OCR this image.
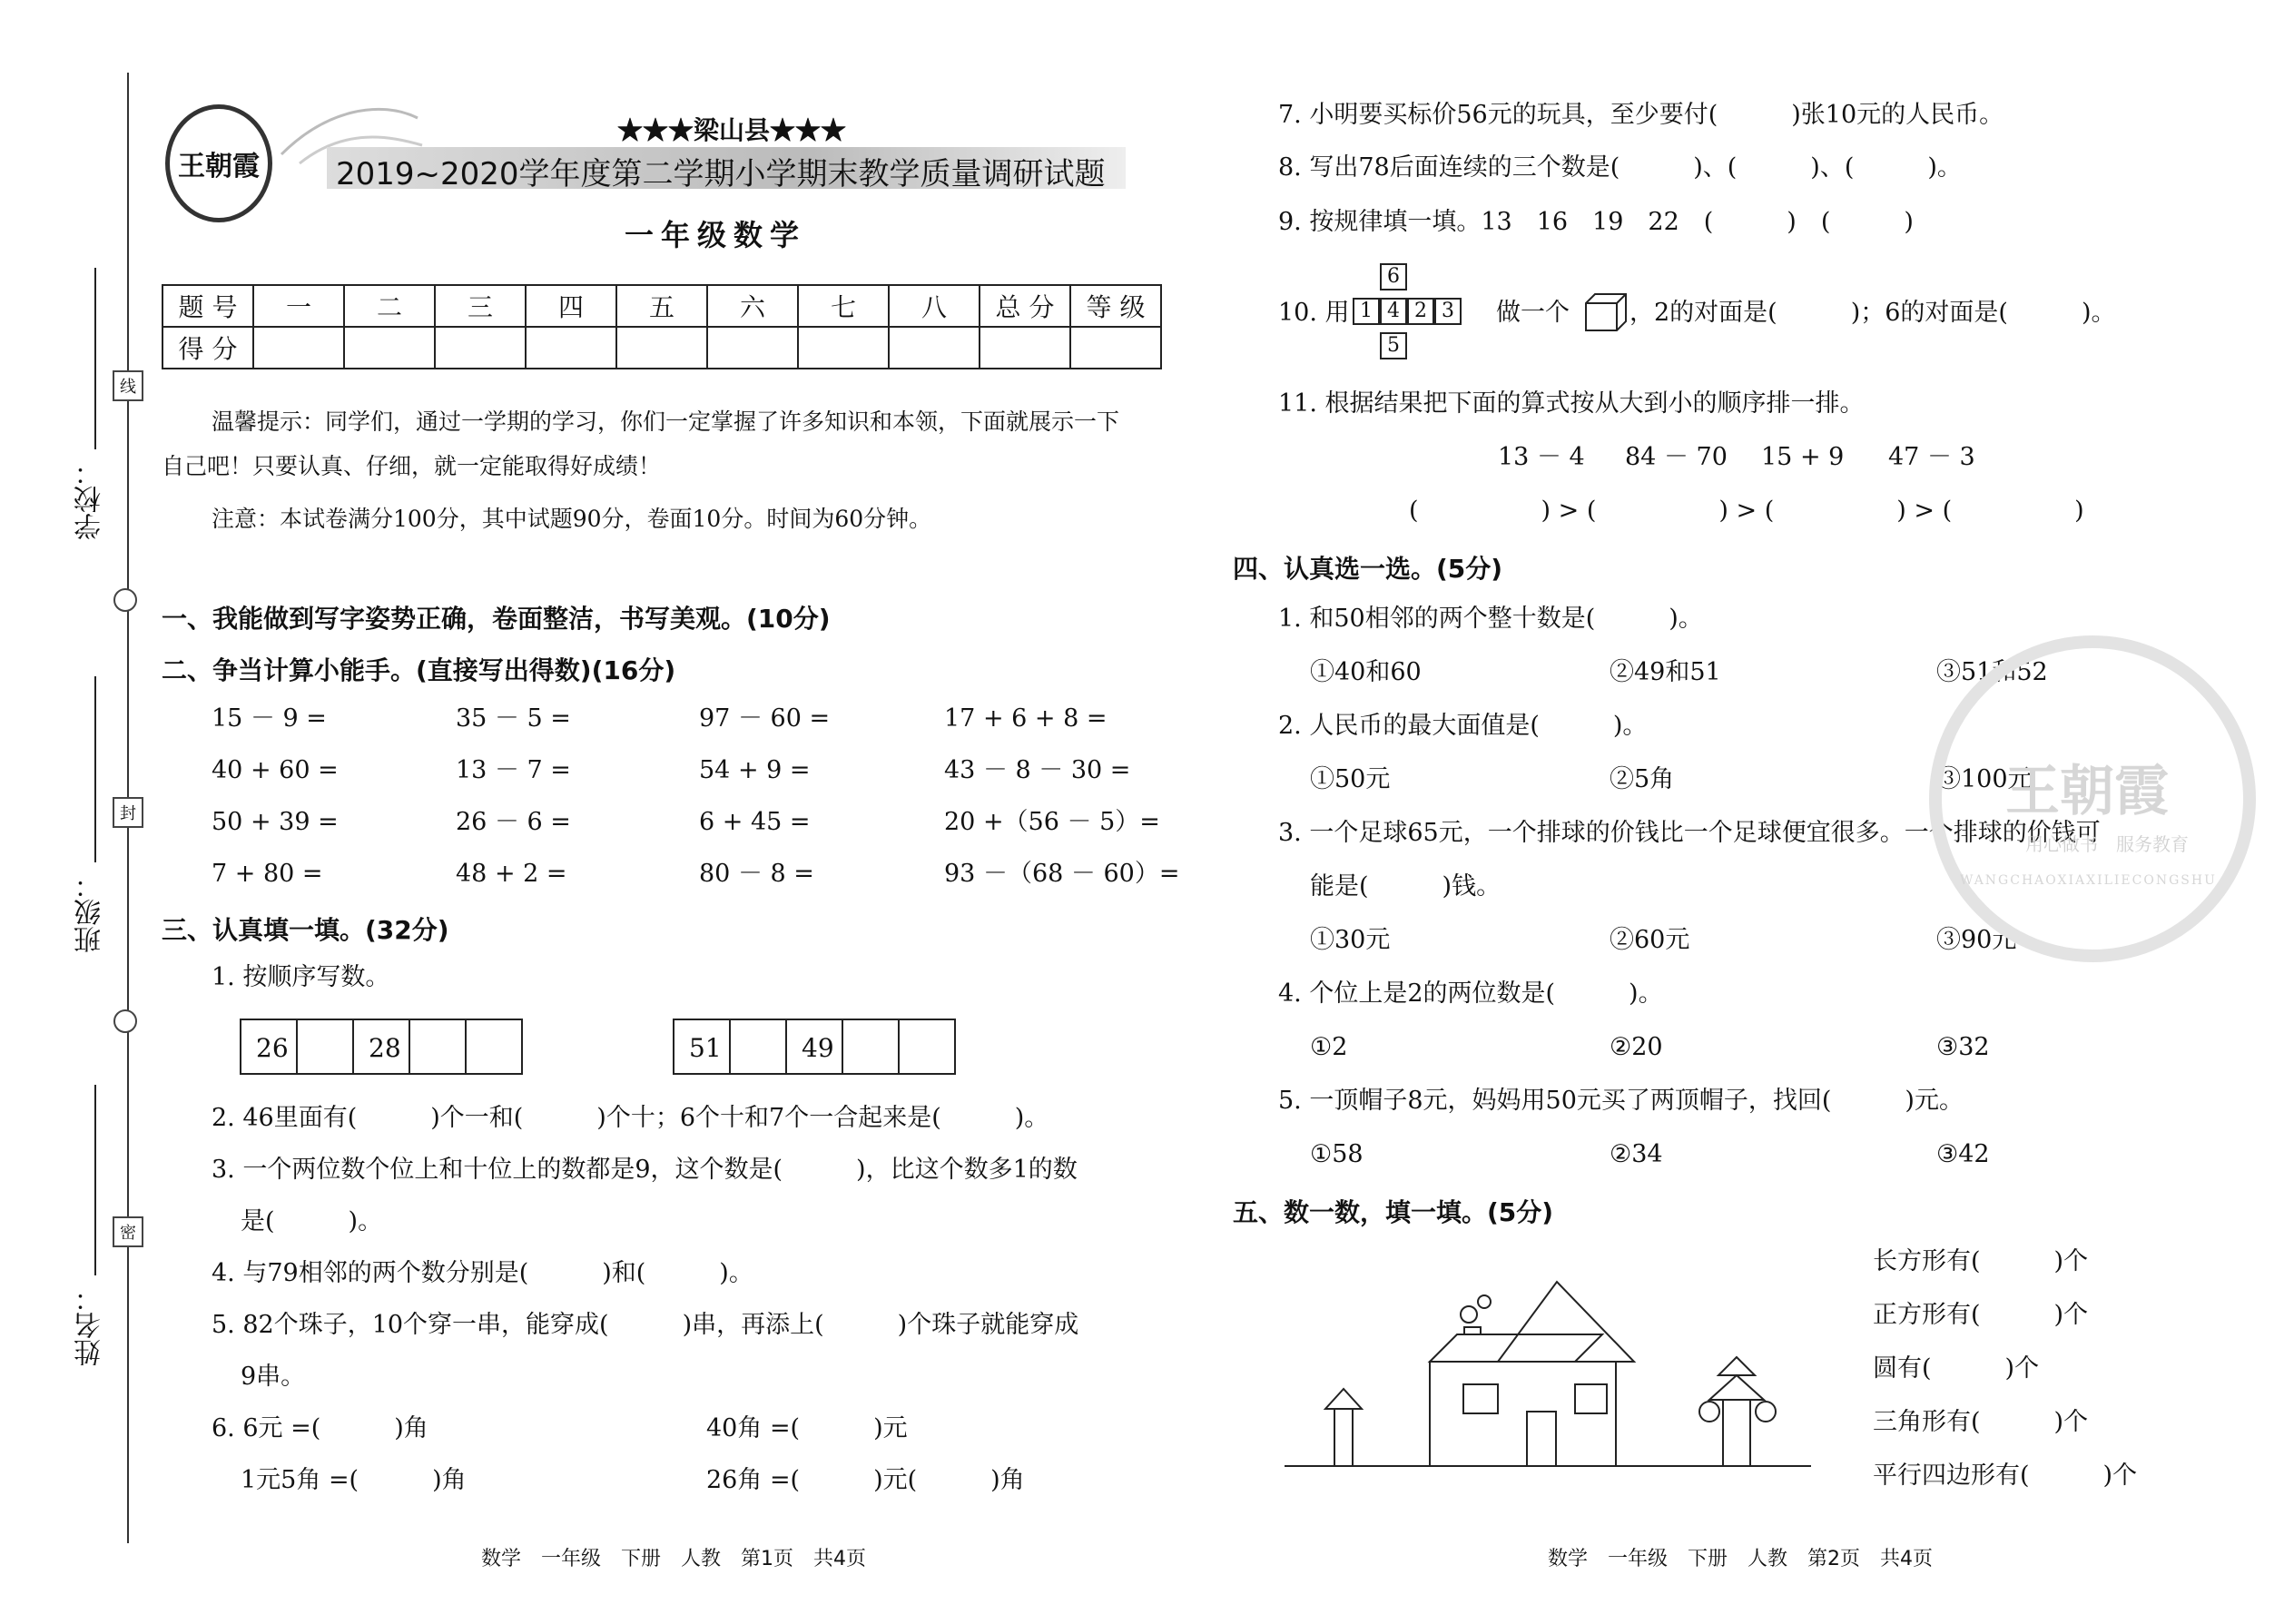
学校：
班级：
姓名：
线
封
密
王朝霞
★★★梁山县★★★
2019~2020学年度第二学期小学期末教学质量调研试题
一年级数学
题 号	一	二	三	四	五	六	七	八	总 分	等 级
得 分										
温馨提示：同学们，通过一学期的学习，你们一定掌握了许多知识和本领，下面就展示一下
自己吧！只要认真、仔细，就一定能取得好成绩！
注意：本试卷满分100分，其中试题90分，卷面10分。时间为60分钟。
一、我能做到写字姿势正确，卷面整洁，书写美观。(10分)
二、争当计算小能手。(直接写出得数)(16分)
15 － 9 =	35 － 5 =	97 － 60 =	17 + 6 + 8 =
40 + 60 =	13 － 7 =	54 + 9 =	43 － 8 － 30 =
50 + 39 =	26 － 6 =	6 + 45 =	20 +（56 － 5）=
7 + 80 =	48 + 2 =	80 － 8 =	93 －（68 － 60）=
三、认真填一填。(32分)
1. 按顺序写数。
26	28	51	49
2. 46里面有(　　　)个一和(　　　)个十；6个十和7个一合起来是(　　　)。
3. 一个两位数个位上和十位上的数都是9，这个数是(　　　)，比这个数多1的数
是(　　　)。
4. 与79相邻的两个数分别是(　　　)和(　　　)。
5. 82个珠子，10个穿一串，能穿成(　　　)串，再添上(　　　)个珠子就能穿成
9串。
6. 6元 =(　　　)角	40角 =(　　　)元
1元5角 =(　　　)角	26角 =(　　　)元(　　　)角
数学　一年级　下册　人教　第1页　共4页
7. 小明要买标价56元的玩具，至少要付(　　　)张10元的人民币。
8. 写出78后面连续的三个数是(　　　)、(　　　)、(　　　)。
9. 按规律填一填。13　16　19　22　(　　　)　(　　　)
10. 用
6
1 4 2 3
5
做一个 ，2的对面是(　　　)；6的对面是(　　　)。
11. 根据结果把下面的算式按从大到小的顺序排一排。
13 － 4 84 － 70 15 + 9 47 － 3
(　　　　　) > (　　　　　) > (　　　　　) > (　　　　　)
四、认真选一选。(5分)
1. 和50相邻的两个整十数是(　　　)。
①40和60	②49和51	③51和52
2. 人民币的最大面值是(　　　)。
①50元	②5角	③100元
3. 一个足球65元，一个排球的价钱比一个足球便宜很多。一个排球的价钱可
能是(　　　)钱。
①30元	②60元	③90元
4. 个位上是2的两位数是(　　　)。
①2	②20	③32
5. 一顶帽子8元，妈妈用50元买了两顶帽子，找回(　　　)元。
①58	②34	③42
五、数一数，填一填。(5分)
长方形有(　　　)个
正方形有(　　　)个
圆有(　　　)个
三角形有(　　　)个
平行四边形有(　　　)个
王朝霞
用心做书　服务教育
WANGCHAOXIAXILIECONGSHU
数学　一年级　下册　人教　第2页　共4页
